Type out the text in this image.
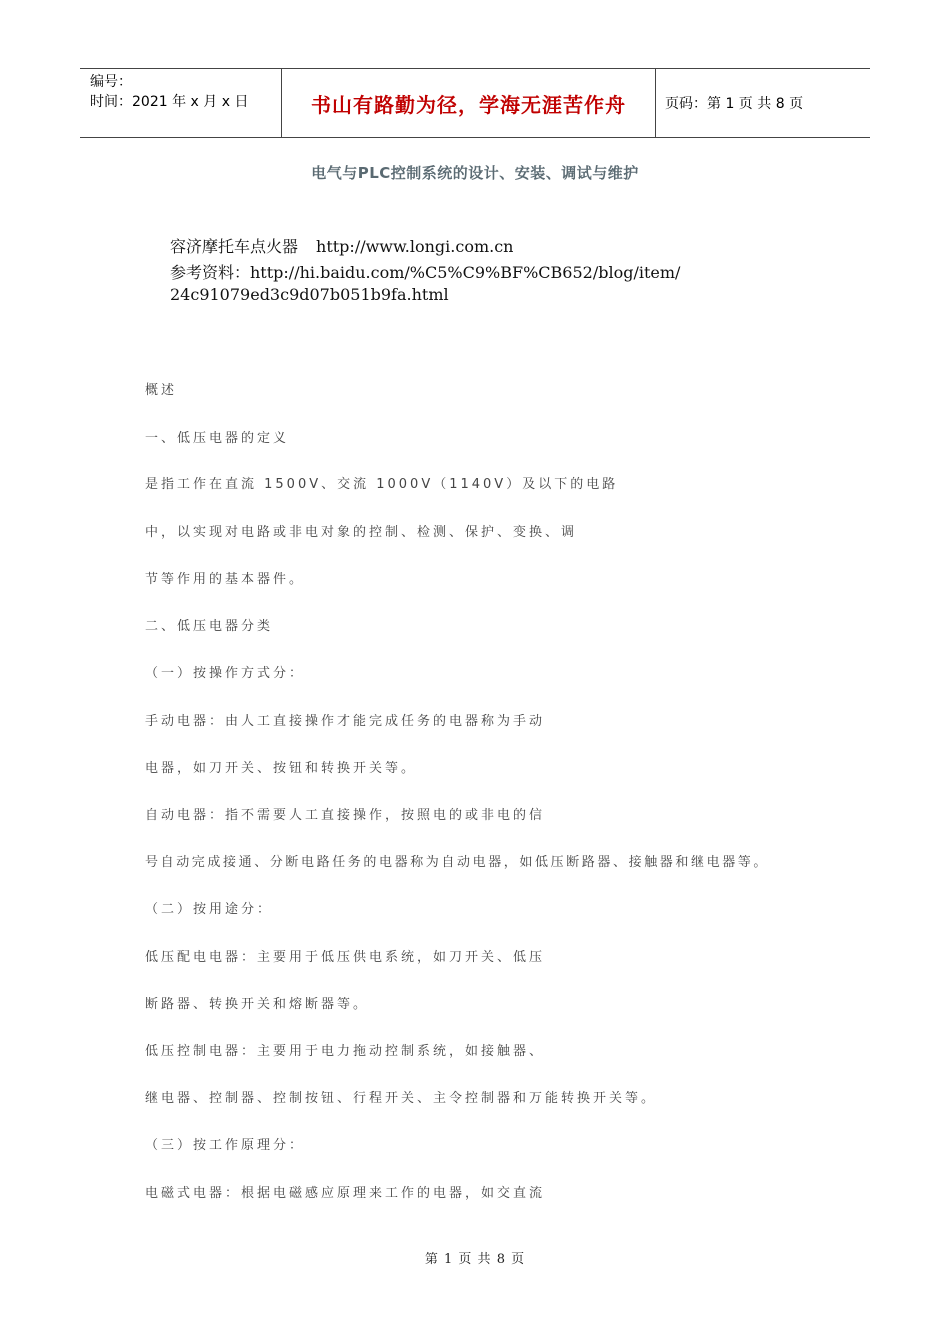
编号：
时间：2021 年 x 月 x 日	书山有路勤为径，学海无涯苦作舟	页码：第 1 页 共 8 页
电气与PLC控制系统的设计、安装、调试与维护
容济摩托车点火器 http://www.longi.com.cn
参考资料：http://hi.baidu.com/%C5%C9%BF%CB652/blog/item/
24c91079ed3c9d07b051b9fa.html
概述
一、低压电器的定义
是指工作在直流 1500V、交流 1000V（1140V）及以下的电路
中，以实现对电路或非电对象的控制、检测、保护、变换、调
节等作用的基本器件。
二、低压电器分类
（一）按操作方式分：
手动电器：由人工直接操作才能完成任务的电器称为手动
电器，如刀开关、按钮和转换开关等。
自动电器：指不需要人工直接操作，按照电的或非电的信
号自动完成接通、分断电路任务的电器称为自动电器，如低压断路器、接触器和继电器等。
（二）按用途分：
低压配电电器：主要用于低压供电系统，如刀开关、低压
断路器、转换开关和熔断器等。
低压控制电器：主要用于电力拖动控制系统，如接触器、
继电器、控制器、控制按钮、行程开关、主令控制器和万能转换开关等。
（三）按工作原理分：
电磁式电器：根据电磁感应原理来工作的电器，如交直流
第 1 页 共 8 页
